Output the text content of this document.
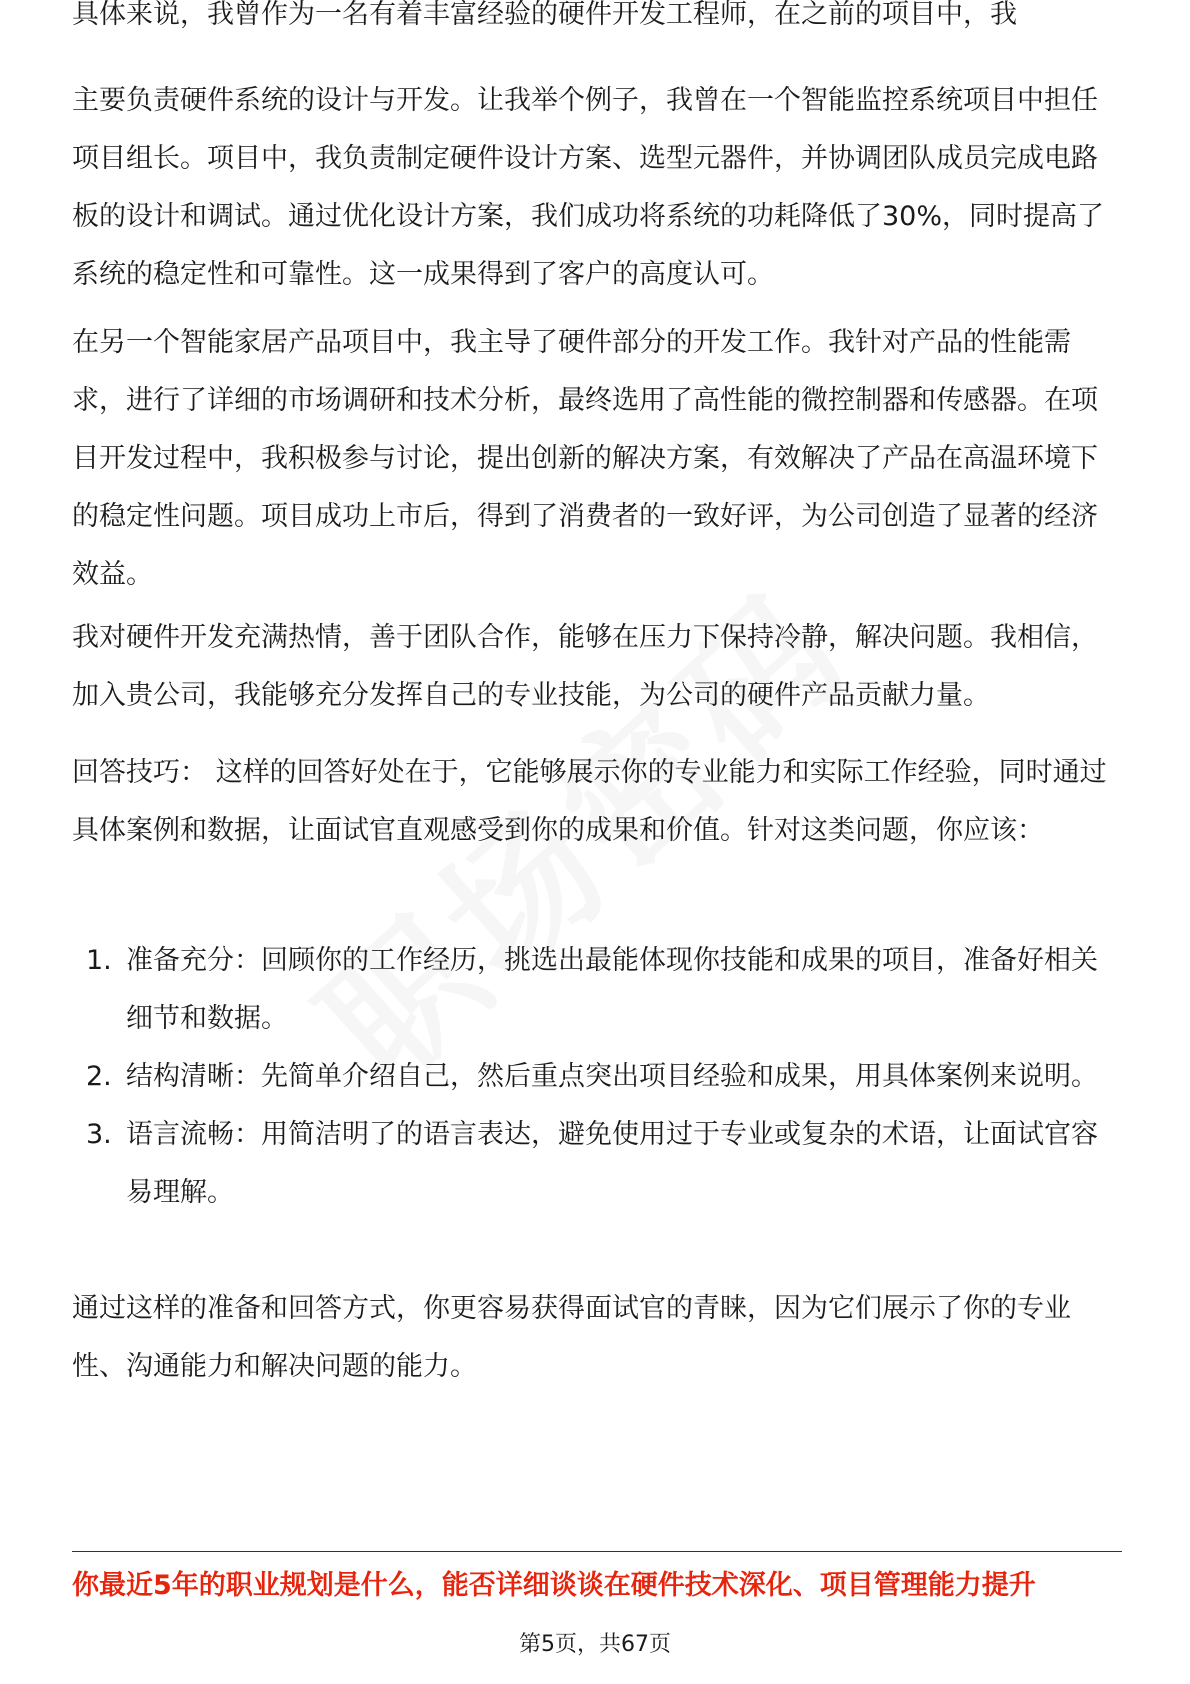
具体来说，我曾作为一名有着丰富经验的硬件开发工程师，在之前的项目中，我

主要负责硬件系统的设计与开发。让我举个例子，我曾在一个智能监控系统项目中担任项目组长。项目中，我负责制定硬件设计方案、选型元器件，并协调团队成员完成电路板的设计和调试。通过优化设计方案，我们成功将系统的功耗降低了30%，同时提高了系统的稳定性和可靠性。这一成果得到了客户的高度认可。

在另一个智能家居产品项目中，我主导了硬件部分的开发工作。我针对产品的性能需求，进行了详细的市场调研和技术分析，最终选用了高性能的微控制器和传感器。在项目开发过程中，我积极参与讨论，提出创新的解决方案，有效解决了产品在高温环境下的稳定性问题。项目成功上市后，得到了消费者的一致好评，为公司创造了显著的经济效益。

我对硬件开发充满热情，善于团队合作，能够在压力下保持冷静，解决问题。我相信，加入贵公司，我能够充分发挥自己的专业技能，为公司的硬件产品贡献力量。

回答技巧： 这样的回答好处在于，它能够展示你的专业能力和实际工作经验，同时通过具体案例和数据，让面试官直观感受到你的成果和价值。针对这类问题，你应该：

1. 准备充分：回顾你的工作经历，挑选出最能体现你技能和成果的项目，准备好相关细节和数据。
2. 结构清晰：先简单介绍自己，然后重点突出项目经验和成果，用具体案例来说明。
3. 语言流畅：用简洁明了的语言表达，避免使用过于专业或复杂的术语，让面试官容易理解。

通过这样的准备和回答方式，你更容易获得面试官的青睐，因为它们展示了你的专业性、沟通能力和解决问题的能力。

你最近5年的职业规划是什么，能否详细谈谈在硬件技术深化、项目管理能力提升
第5页，共67页
